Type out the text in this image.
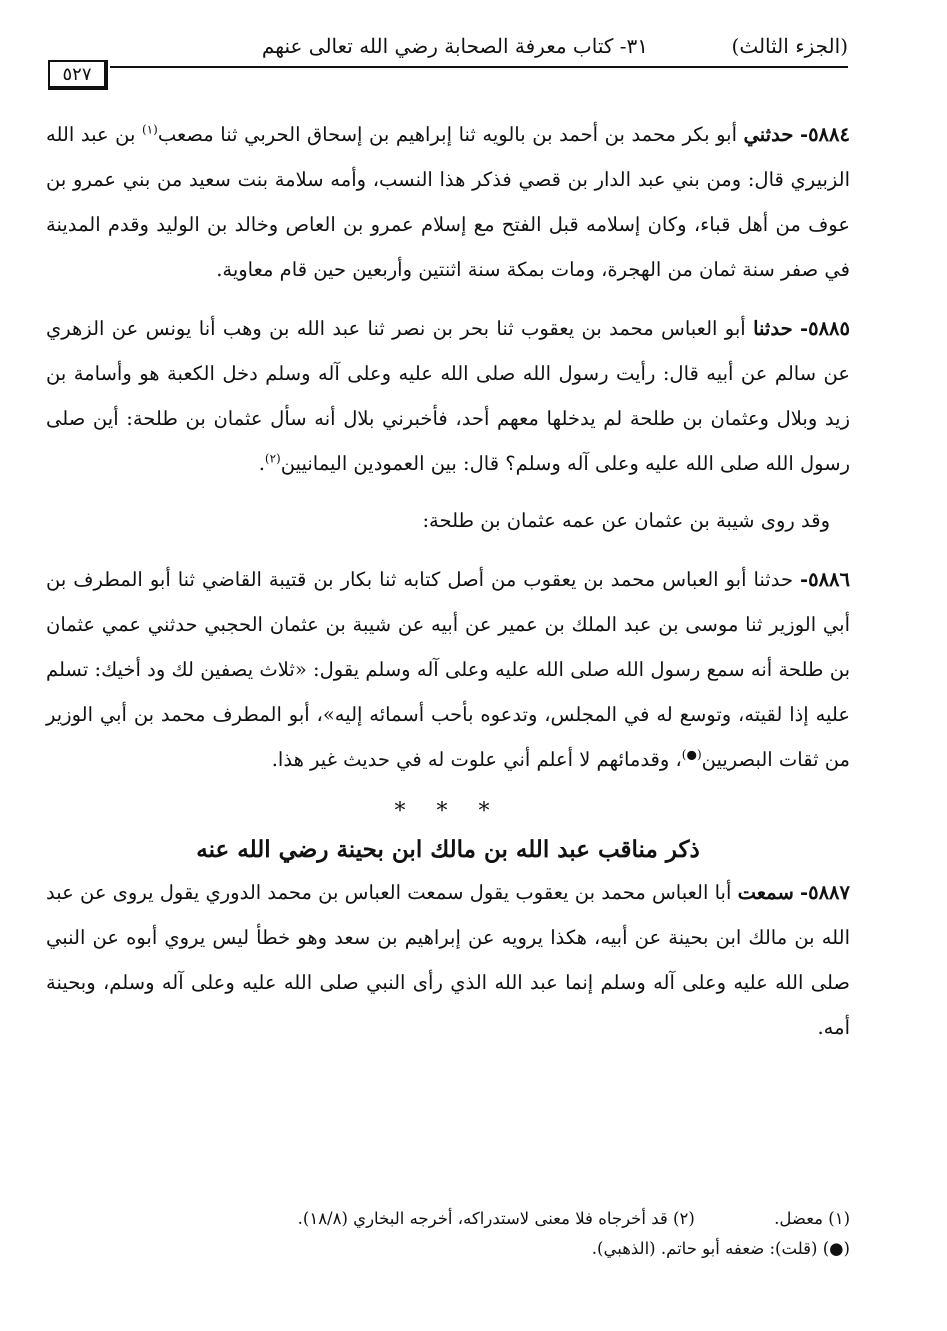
(الجزء الثالث)
٣١- كتاب معرفة الصحابة رضي الله تعالى عنهم
٥٢٧

٥٨٨٤- حدثني أبو بكر محمد بن أحمد بن بالويه ثنا إبراهيم بن إسحاق الحربي ثنا مصعب$^{(١)}$ بن عبد الله الزبيري قال: ومن بني عبد الدار بن قصي فذكر هذا النسب، وأمه سلامة بنت سعيد من بني عمرو بن عوف من أهل قباء، وكان إسلامه قبل الفتح مع إسلام عمرو بن العاص وخالد بن الوليد وقدم المدينة في صفر سنة ثمان من الهجرة، ومات بمكة سنة اثنتين وأربعين حين قام معاوية.

٥٨٨٥- حدثنا أبو العباس محمد بن يعقوب ثنا بحر بن نصر ثنا عبد الله بن وهب أنا يونس عن الزهري عن سالم عن أبيه قال: رأيت رسول الله صلى الله عليه وعلى آله وسلم دخل الكعبة هو وأسامة بن زيد وبلال وعثمان بن طلحة لم يدخلها معهم أحد، فأخبرني بلال أنه سأل عثمان بن طلحة: أين صلى رسول الله صلى الله عليه وعلى آله وسلم؟ قال: بين العمودين اليمانيين$^{(٢)}$.

وقد روى شيبة بن عثمان عن عمه عثمان بن طلحة:

٥٨٨٦- حدثنا أبو العباس محمد بن يعقوب من أصل كتابه ثنا بكار بن قتيبة القاضي ثنا أبو المطرف بن أبي الوزير ثنا موسى بن عبد الملك بن عمير عن أبيه عن شيبة بن عثمان الحجبي حدثني عمي عثمان بن طلحة أنه سمع رسول الله صلى الله عليه وعلى آله وسلم يقول: «ثلاث يصفين لك ود أخيك: تسلم عليه إذا لقيته، وتوسع له في المجلس، وتدعوه بأحب أسمائه إليه»، أبو المطرف محمد بن أبي الوزير من ثقات البصريين(●)، وقدمائهم لا أعلم أني علوت له في حديث غير هذا.

* * *
ذكر مناقب عبد الله بن مالك ابن بحينة رضي الله عنه

٥٨٨٧- سمعت أبا العباس محمد بن يعقوب يقول سمعت العباس بن محمد الدوري يقول يروى عن عبد الله بن مالك ابن بحينة عن أبيه، هكذا يرويه عن إبراهيم بن سعد وهو خطأ ليس يروي أبوه عن النبي صلى الله عليه وعلى آله وسلم إنما عبد الله الذي رأى النبي صلى الله عليه وعلى آله وسلم، وبحينة أمه.

(١) معضل. (٢) قد أخرجاه فلا معنى لاستدراكه، أخرجه البخاري (١٨/٨).
(●) (قلت): ضعفه أبو حاتم. (الذهبي).
